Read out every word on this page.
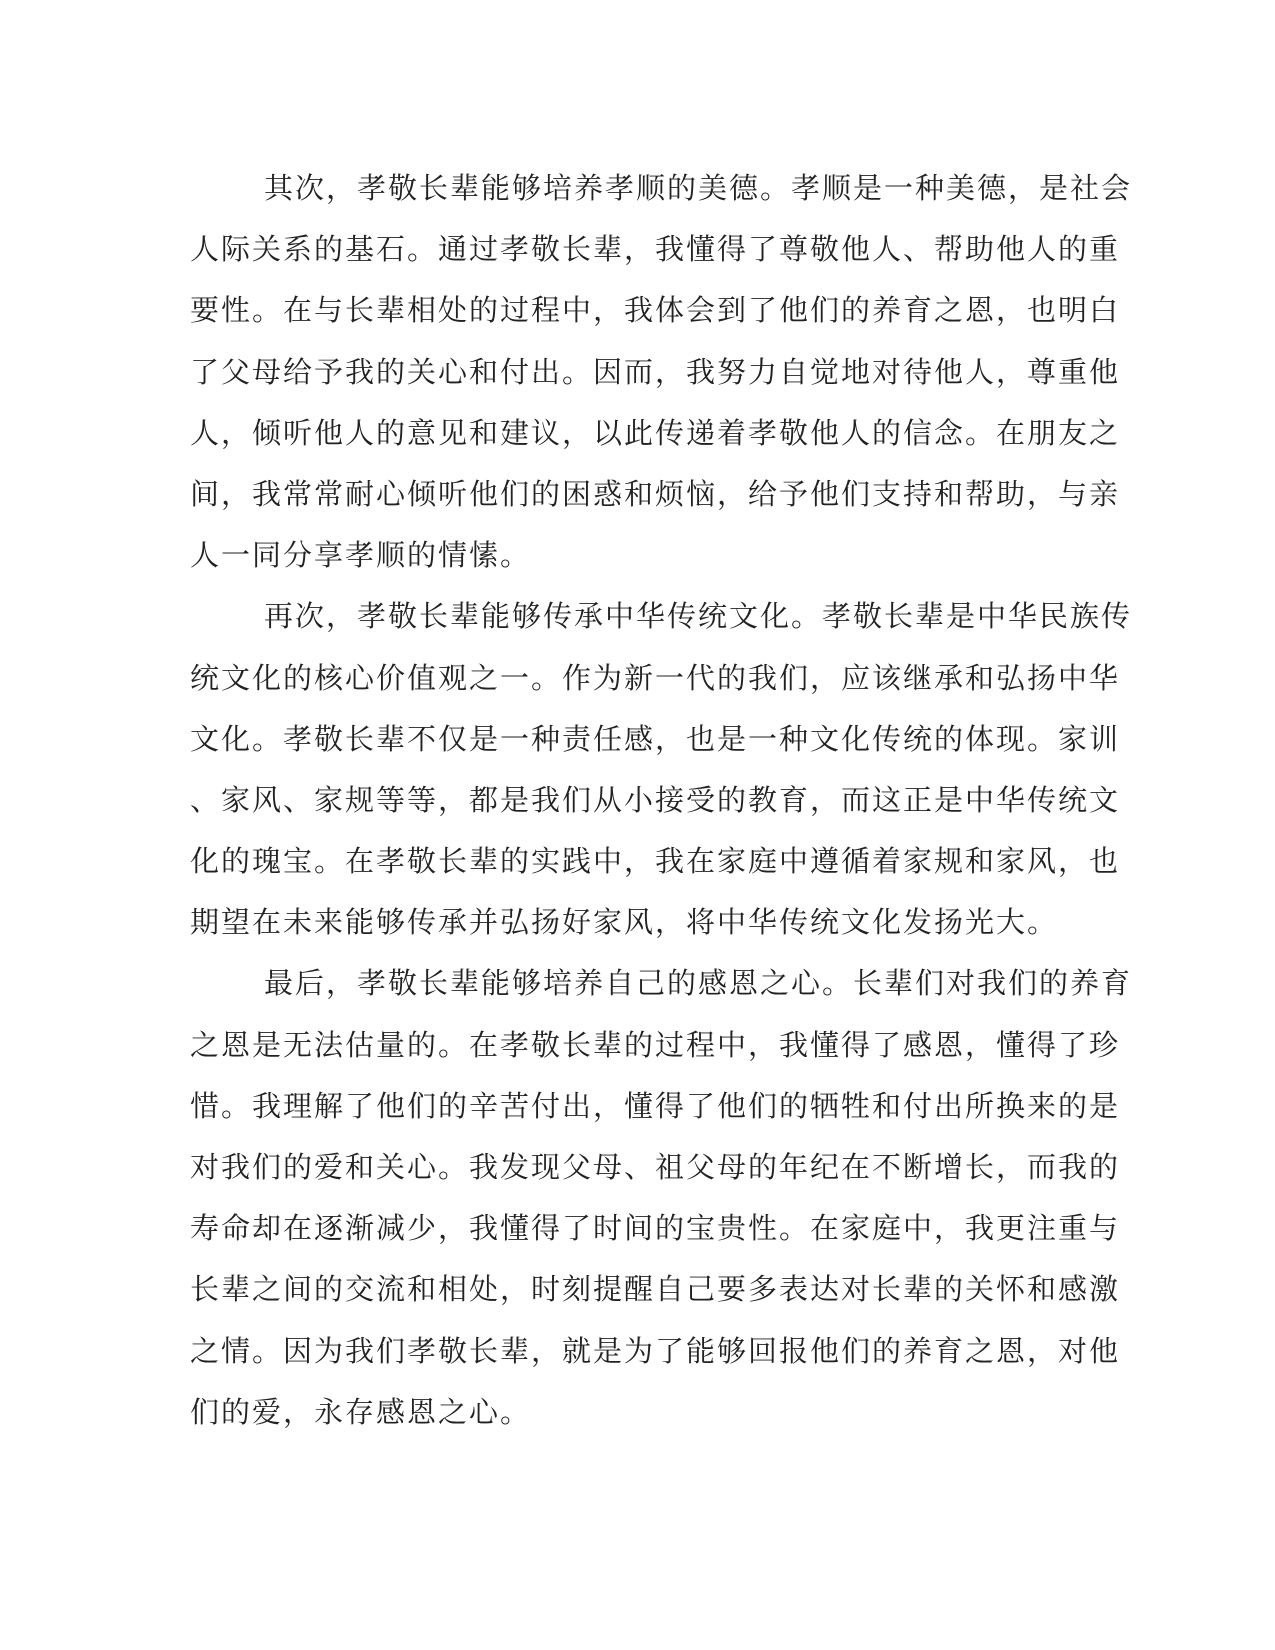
其次，孝敬长辈能够培养孝顺的美德。孝顺是一种美德，是社会
人际关系的基石。通过孝敬长辈，我懂得了尊敬他人、帮助他人的重
要性。在与长辈相处的过程中，我体会到了他们的养育之恩，也明白
了父母给予我的关心和付出。因而，我努力自觉地对待他人，尊重他
人，倾听他人的意见和建议，以此传递着孝敬他人的信念。在朋友之
间，我常常耐心倾听他们的困惑和烦恼，给予他们支持和帮助，与亲
人一同分享孝顺的情愫。
再次，孝敬长辈能够传承中华传统文化。孝敬长辈是中华民族传
统文化的核心价值观之一。作为新一代的我们，应该继承和弘扬中华
文化。孝敬长辈不仅是一种责任感，也是一种文化传统的体现。家训
、家风、家规等等，都是我们从小接受的教育，而这正是中华传统文
化的瑰宝。在孝敬长辈的实践中，我在家庭中遵循着家规和家风，也
期望在未来能够传承并弘扬好家风，将中华传统文化发扬光大。
最后，孝敬长辈能够培养自己的感恩之心。长辈们对我们的养育
之恩是无法估量的。在孝敬长辈的过程中，我懂得了感恩，懂得了珍
惜。我理解了他们的辛苦付出，懂得了他们的牺牲和付出所换来的是
对我们的爱和关心。我发现父母、祖父母的年纪在不断增长，而我的
寿命却在逐渐减少，我懂得了时间的宝贵性。在家庭中，我更注重与
长辈之间的交流和相处，时刻提醒自己要多表达对长辈的关怀和感激
之情。因为我们孝敬长辈，就是为了能够回报他们的养育之恩，对他
们的爱，永存感恩之心。
